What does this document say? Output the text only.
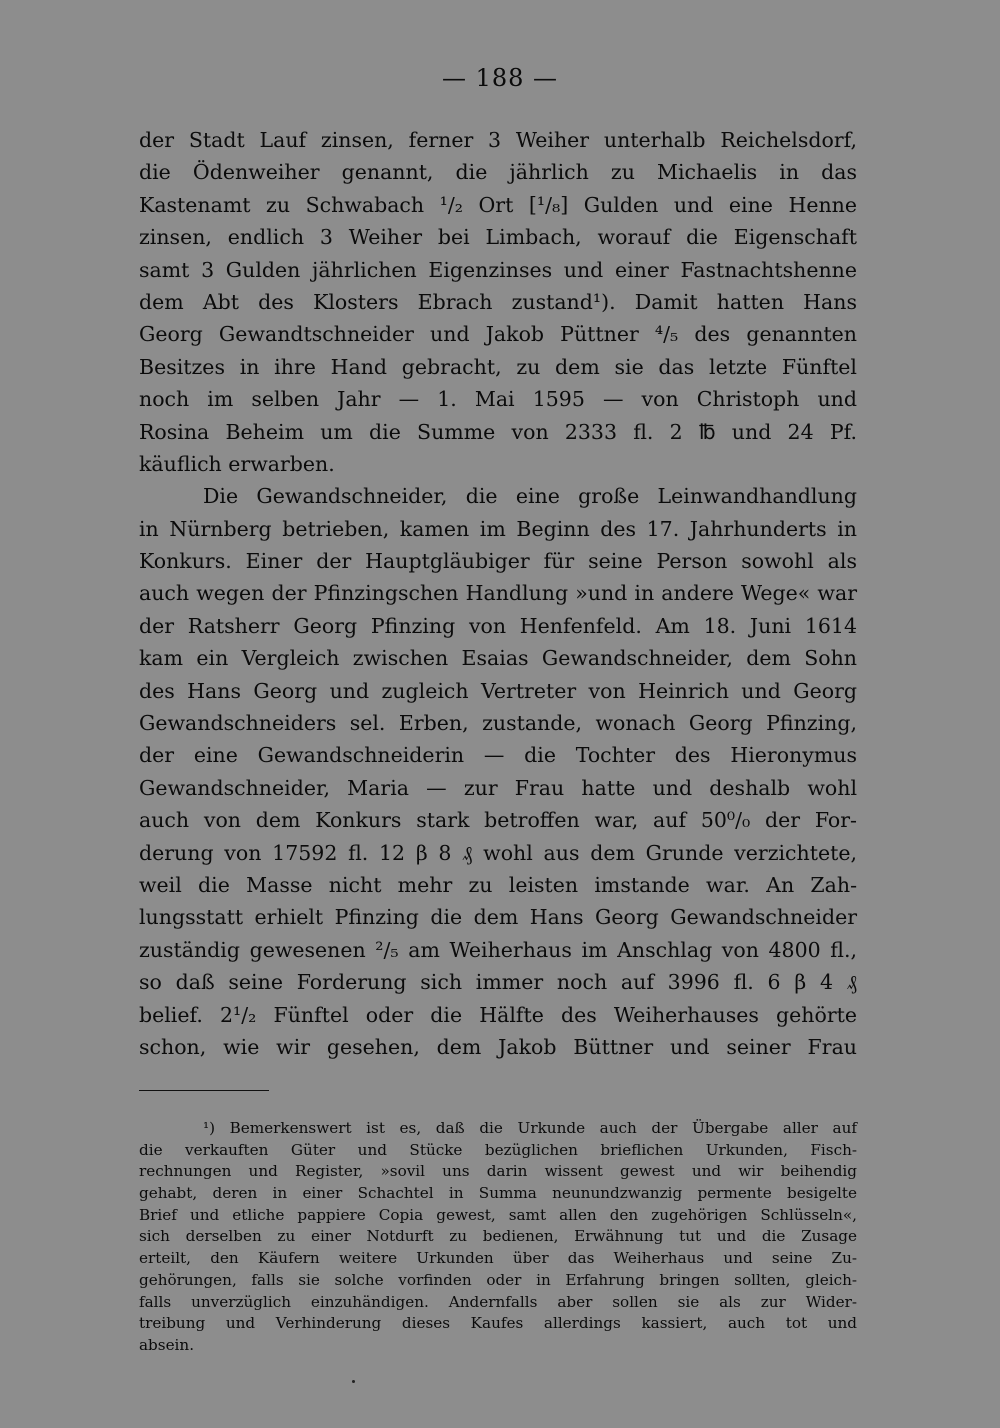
— 188 —
der Stadt Lauf zinsen, ferner 3 Weiher unterhalb Reichelsdorf,
die Ödenweiher genannt, die jährlich zu Michaelis in das
Kastenamt zu Schwabach ¹/₂ Ort [¹/₈] Gulden und eine Henne
zinsen, endlich 3 Weiher bei Limbach, worauf die Eigenschaft
samt 3 Gulden jährlichen Eigenzinses und einer Fastnachtshenne
dem Abt des Klosters Ebrach zustand¹). Damit hatten Hans
Georg Gewandtschneider und Jakob Püttner ⁴/₅ des genannten
Besitzes in ihre Hand gebracht, zu dem sie das letzte Fünftel
noch im selben Jahr — 1. Mai 1595 — von Christoph und
Rosina Beheim um die Summe von 2333 fl. 2 ℔ und 24 Pf.
käuflich erwarben.
Die Gewandschneider, die eine große Leinwandhandlung
in Nürnberg betrieben, kamen im Beginn des 17. Jahrhunderts in
Konkurs. Einer der Hauptgläubiger für seine Person sowohl als
auch wegen der Pfinzingschen Handlung »und in andere Wege« war
der Ratsherr Georg Pfinzing von Henfenfeld. Am 18. Juni 1614
kam ein Vergleich zwischen Esaias Gewandschneider, dem Sohn
des Hans Georg und zugleich Vertreter von Heinrich und Georg
Gewandschneiders sel. Erben, zustande, wonach Georg Pfinzing,
der eine Gewandschneiderin — die Tochter des Hieronymus
Gewandschneider, Maria — zur Frau hatte und deshalb wohl
auch von dem Konkurs stark betroffen war, auf 50⁰/₀ der For-
derung von 17592 fl. 12 β 8 ₰ wohl aus dem Grunde verzichtete,
weil die Masse nicht mehr zu leisten imstande war. An Zah-
lungsstatt erhielt Pfinzing die dem Hans Georg Gewandschneider
zuständig gewesenen ²/₅ am Weiherhaus im Anschlag von 4800 fl.,
so daß seine Forderung sich immer noch auf 3996 fl. 6 β 4 ₰
belief. 2¹/₂ Fünftel oder die Hälfte des Weiherhauses gehörte
schon, wie wir gesehen, dem Jakob Büttner und seiner Frau
¹) Bemerkenswert ist es, daß die Urkunde auch der Übergabe aller auf
die verkauften Güter und Stücke bezüglichen brieflichen Urkunden, Fisch-
rechnungen und Register, »sovil uns darin wissent gewest und wir beihendig
gehabt, deren in einer Schachtel in Summa neunundzwanzig permente besigelte
Brief und etliche pappiere Copia gewest, samt allen den zugehörigen Schlüsseln«,
sich derselben zu einer Notdurft zu bedienen, Erwähnung tut und die Zusage
erteilt, den Käufern weitere Urkunden über das Weiherhaus und seine Zu-
gehörungen, falls sie solche vorfinden oder in Erfahrung bringen sollten, gleich-
falls unverzüglich einzuhändigen. Andernfalls aber sollen sie als zur Wider-
treibung und Verhinderung dieses Kaufes allerdings kassiert, auch tot und
absein.
